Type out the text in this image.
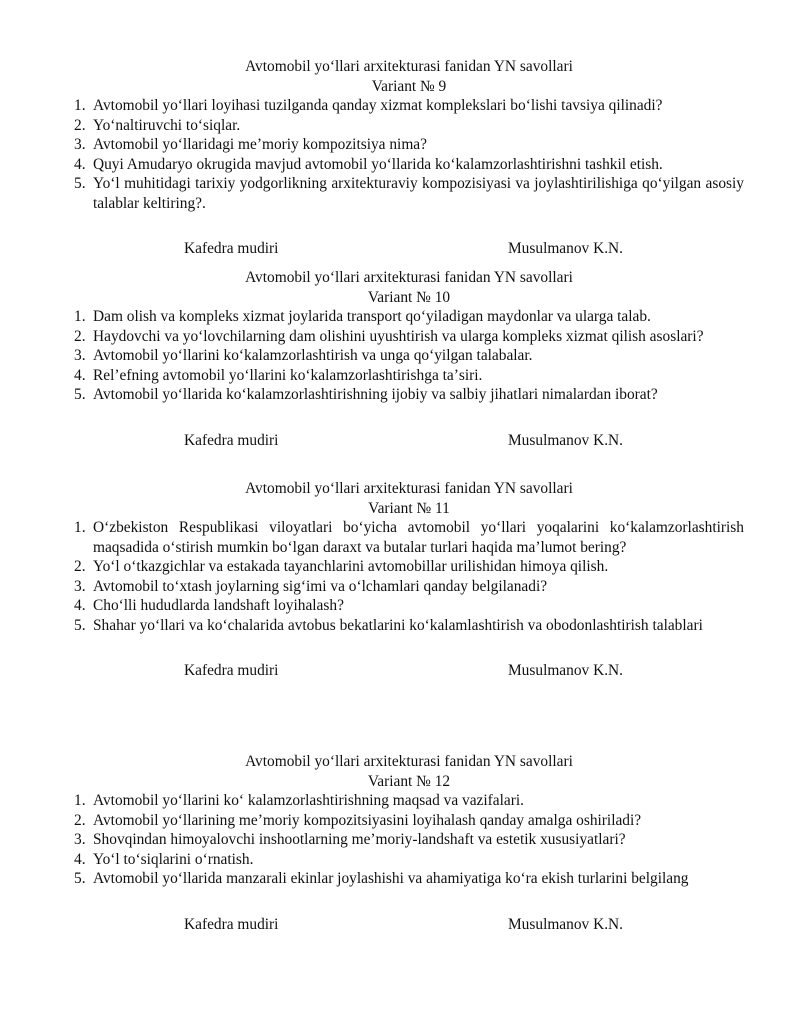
Avtomobil yoʻllari arxitekturasi fanidan YN savollari
Variant № 9
1. Avtomobil yoʻllari loyihasi tuzilganda qanday xizmat komplekslari boʻlishi tavsiya qilinadi?
2. Yoʻnaltiruvchi toʻsiqlar.
3. Avtomobil yoʻllaridagi meʼmoriy kompozitsiya nima?
4. Quyi Amudaryo okrugida mavjud avtomobil yoʻllarida koʻkalamzorlashtirishni tashkil etish.
5. Yoʻl muhitidagi tarixiy yodgorlikning arxitekturaviy kompozisiyasi va joylashtirilishiga qoʻyilgan asosiy talablar keltiring?.
Kafedra mudiri	Musulmanov K.N.
Avtomobil yoʻllari arxitekturasi fanidan YN savollari
Variant № 10
1. Dam olish va kompleks xizmat joylarida transport qoʻyiladigan maydonlar va ularga talab.
2. Haydovchi va yoʻlovchilarning dam olishini uyushtirish va ularga kompleks xizmat qilish asoslari?
3. Avtomobil yoʻllarini koʻkalamzorlashtirish va unga qoʻyilgan talabalar.
4. Relʼefning avtomobil yoʻllarini koʻkalamzorlashtirishga taʼsiri.
5. Avtomobil yoʻllarida koʻkalamzorlashtirishning ijobiy va salbiy jihatlari nimalardan iborat?
Kafedra mudiri	Musulmanov K.N.
Avtomobil yoʻllari arxitekturasi fanidan YN savollari
Variant № 11
1. Oʻzbekiston Respublikasi viloyatlari boʻyicha avtomobil yoʻllari yoqalarini koʻkalamzorlashtirish maqsadida oʻstirish mumkin boʻlgan daraxt va butalar turlari haqida maʼlumot bering?
2. Yoʻl oʻtkazgichlar va estakada tayanchlarini avtomobillar urilishidan himoya qilish.
3. Avtomobil toʻxtash joylarning sigʻimi va oʻlchamlari qanday belgilanadi?
4. Choʻlli hududlarda landshaft loyihalash?
5. Shahar yoʻllari va koʻchalarida avtobus bekatlarini koʻkalamlashtirish va obodonlashtirish talablari
Kafedra mudiri	Musulmanov K.N.
Avtomobil yoʻllari arxitekturasi fanidan YN savollari
Variant № 12
1. Avtomobil yoʻllarini koʻ kalamzorlashtirishning maqsad va vazifalari.
2. Avtomobil yoʻllarining meʼmoriy kompozitsiyasini loyihalash qanday amalga oshiriladi?
3. Shovqindan himoyalovchi inshootlarning meʼmoriy-landshaft va estetik xususiyatlari?
4. Yoʻl toʻsiqlarini oʻrnatish.
5. Avtomobil yoʻllarida manzarali ekinlar joylashishi va ahamiyatiga koʻra ekish turlarini belgilang
Kafedra mudiri	Musulmanov K.N.
